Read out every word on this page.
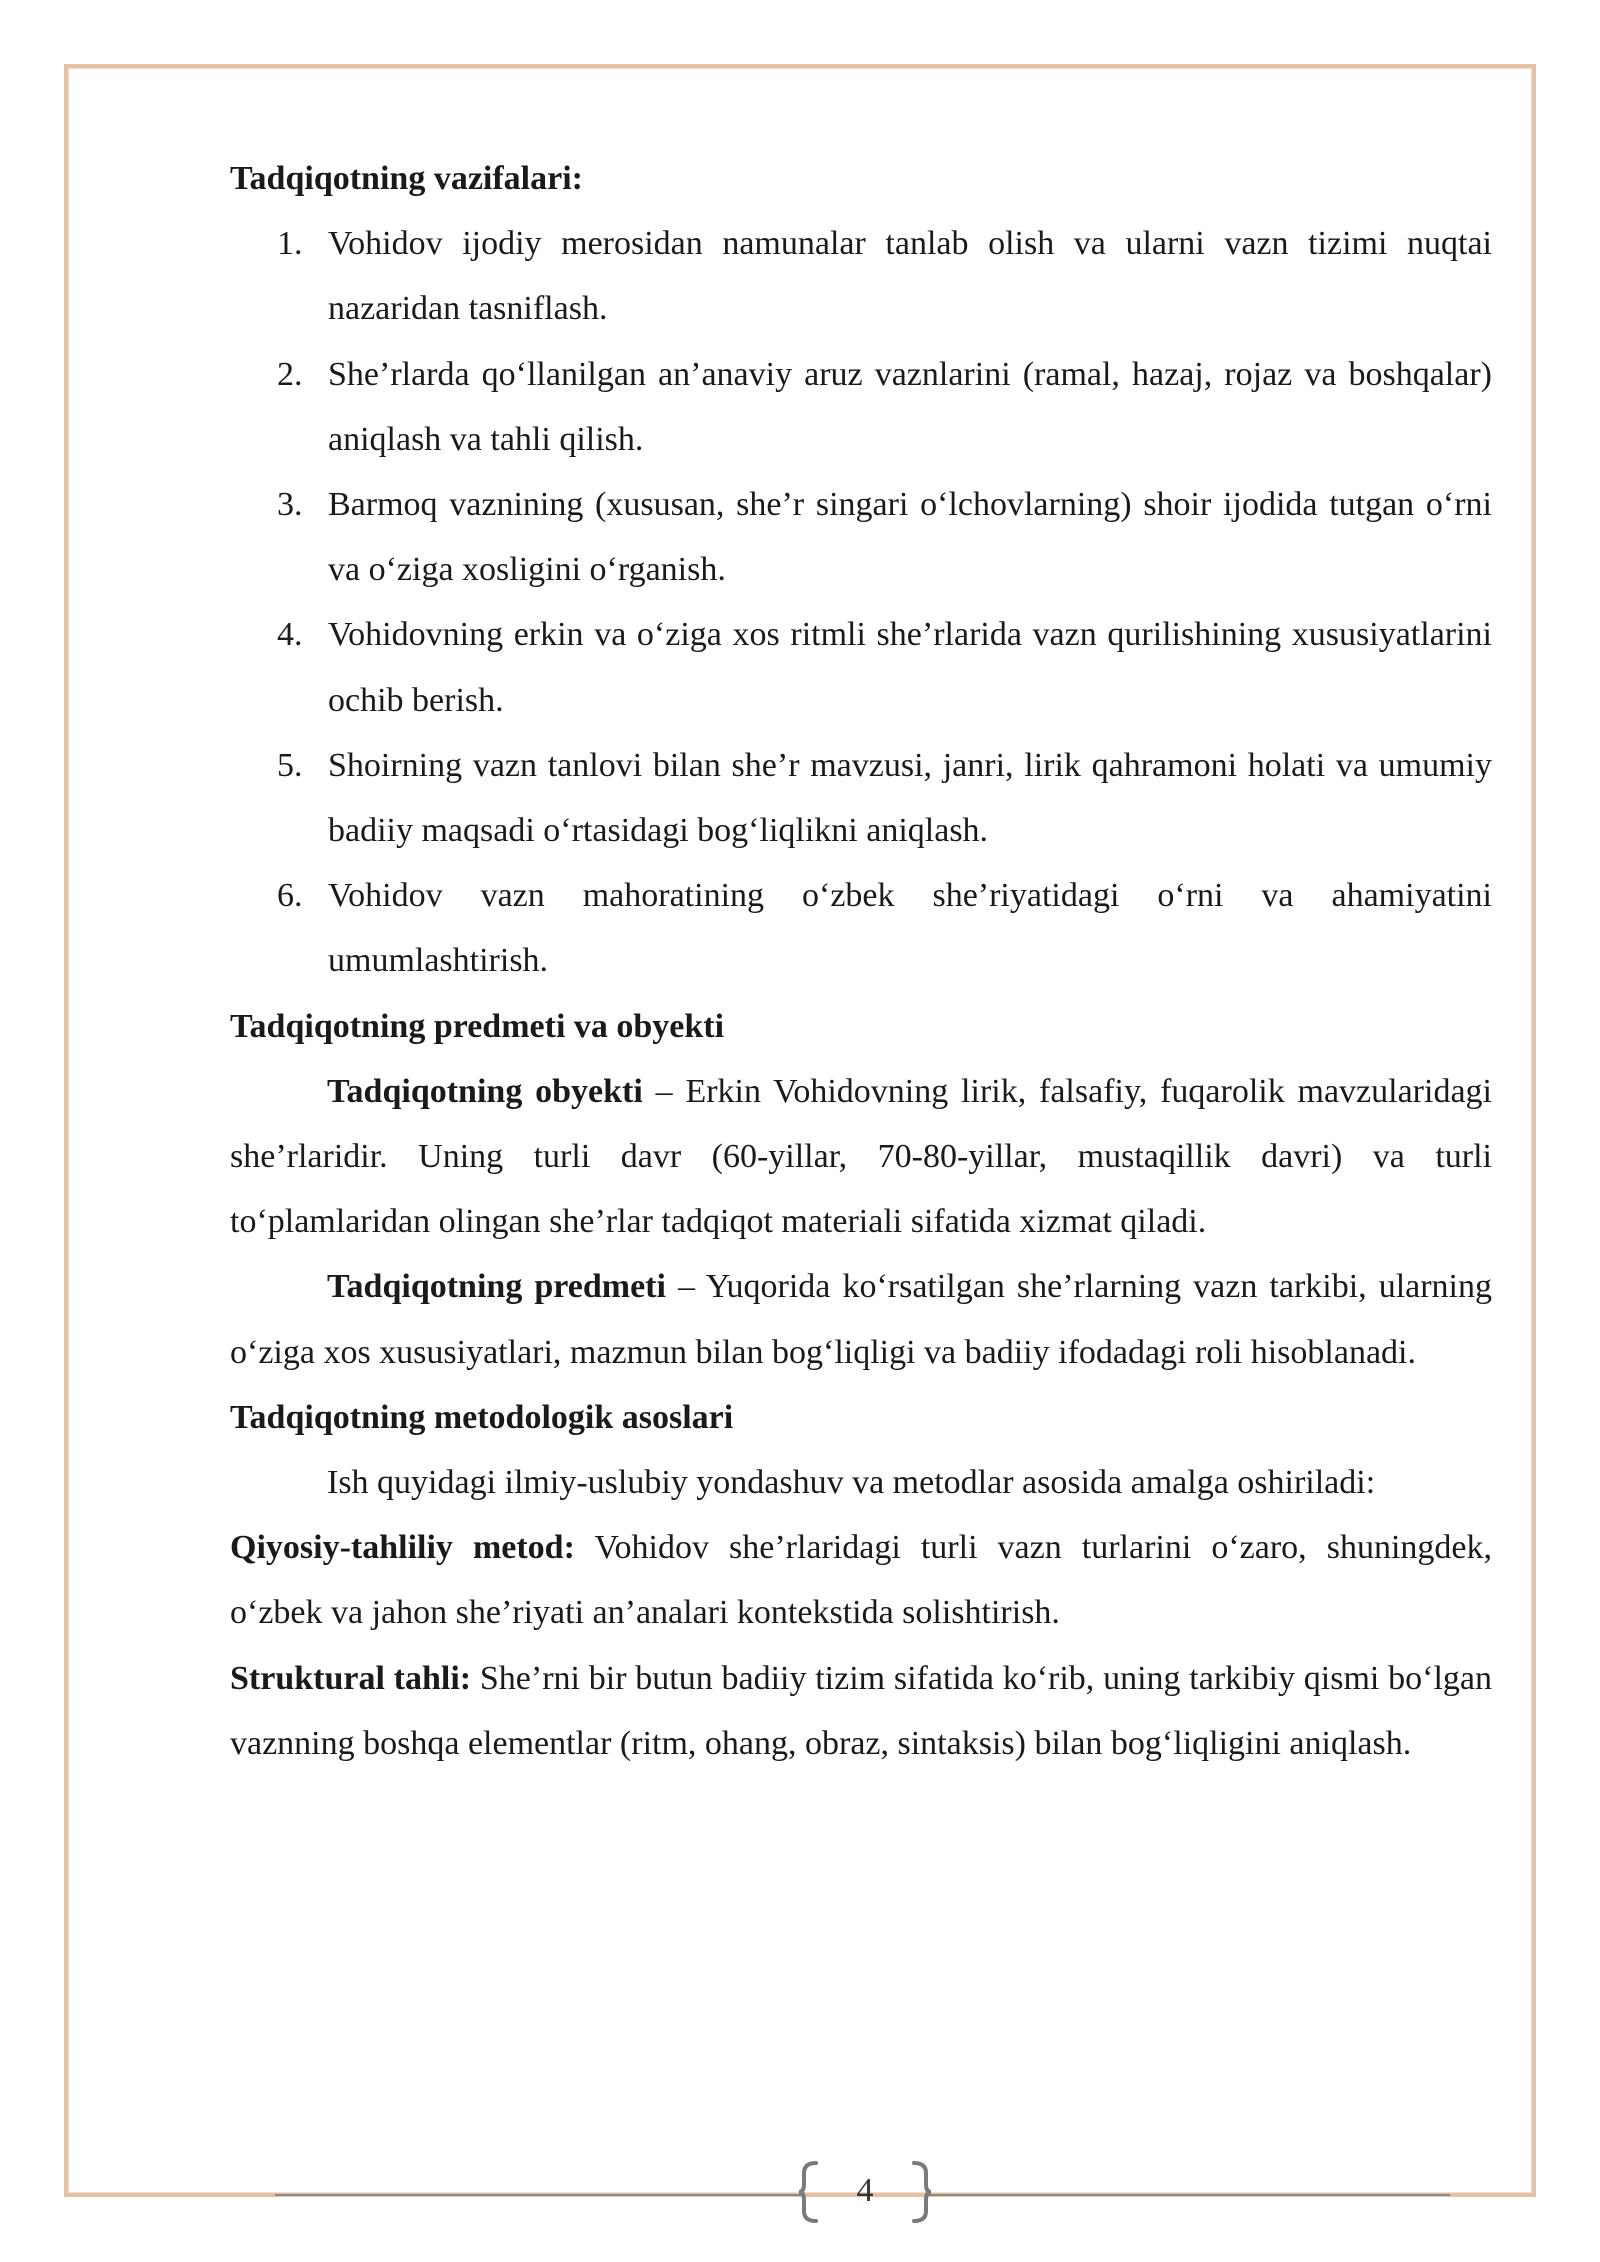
Tadqiqotning vazifalari:

1. Vohidov ijodiy merosidan namunalar tanlab olish va ularni vazn tizimi nuqtai nazaridan tasniflash.
2. She’rlarda qo‘llanilgan an’anaviy aruz vaznlarini (ramal, hazaj, rojaz va boshqalar) aniqlash va tahli qilish.
3. Barmoq vaznining (xususan, she’r singari o‘lchovlarning) shoir ijodida tutgan o‘rni va o‘ziga xosligini o‘rganish.
4. Vohidovning erkin va o‘ziga xos ritmli she’rlarida vazn qurilishining xususiyatlarini ochib berish.
5. Shoirning vazn tanlovi bilan she’r mavzusi, janri, lirik qahramoni holati va umumiy badiiy maqsadi o‘rtasidagi bog‘liqlikni aniqlash.
6. Vohidov vazn mahoratining o‘zbek she’riyatidagi o‘rni va ahamiyatini umumlashtirish.

Tadqiqotning predmeti va obyekti

Tadqiqotning obyekti – Erkin Vohidovning lirik, falsafiy, fuqarolik mavzularidagi she’rlaridir. Uning turli davr (60-yillar, 70-80-yillar, mustaqillik davri) va turli to‘plamlaridan olingan she’rlar tadqiqot materiali sifatida xizmat qiladi.

Tadqiqotning predmeti – Yuqorida ko‘rsatilgan she’rlarning vazn tarkibi, ularning o‘ziga xos xususiyatlari, mazmun bilan bog‘liqligi va badiiy ifodadagi roli hisoblanadi.

Tadqiqotning metodologik asoslari

Ish quyidagi ilmiy-uslubiy yondashuv va metodlar asosida amalga oshiriladi:

Qiyosiy-tahliliy metod: Vohidov she’rlaridagi turli vazn turlarini o‘zaro, shuningdek, o‘zbek va jahon she’riyati an’analari kontekstida solishtirish.

Struktural tahli: She’rni bir butun badiiy tizim sifatida ko‘rib, uning tarkibiy qismi bo‘lgan vaznning boshqa elementlar (ritm, ohang, obraz, sintaksis) bilan bog‘liqligini aniqlash.

4
